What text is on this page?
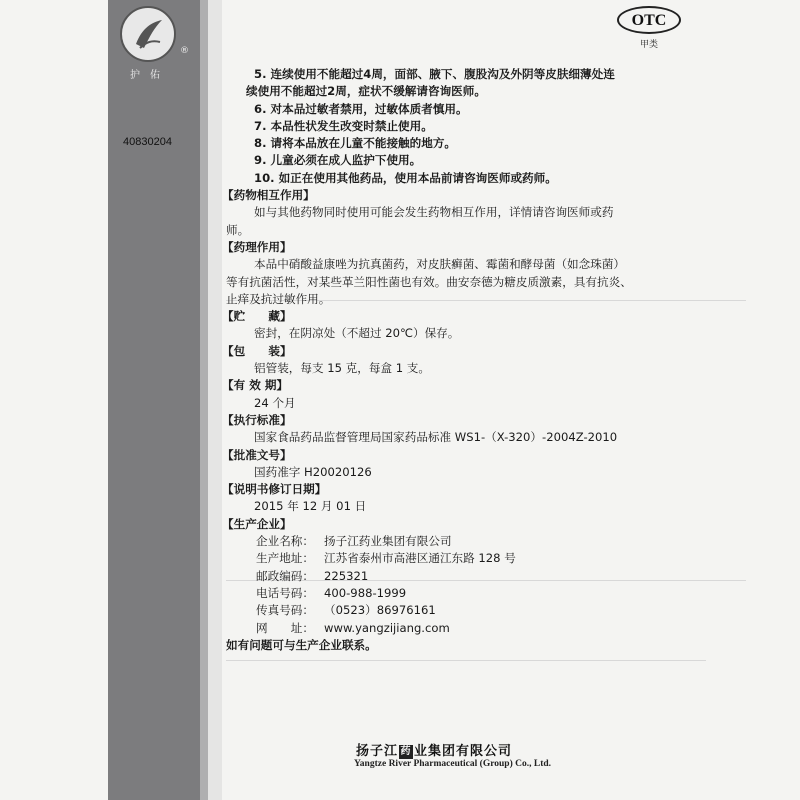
®
护佑
40830204
OTC
甲类

5. 连续使用不能超过4周，面部、腋下、腹股沟及外阴等皮肤细薄处连

续使用不能超过2周，症状不缓解请咨询医师。

6. 对本品过敏者禁用，过敏体质者慎用。

7. 本品性状发生改变时禁止使用。

8. 请将本品放在儿童不能接触的地方。

9. 儿童必须在成人监护下使用。

10. 如正在使用其他药品，使用本品前请咨询医师或药师。

【药物相互作用】

如与其他药物同时使用可能会发生药物相互作用，详情请咨询医师或药

师。

【药理作用】

本品中硝酸益康唑为抗真菌药，对皮肤癣菌、霉菌和酵母菌（如念珠菌）

等有抗菌活性，对某些革兰阳性菌也有效。曲安奈德为糖皮质激素，具有抗炎、

止痒及抗过敏作用。

【贮　　藏】

密封，在阴凉处（不超过 20℃）保存。

【包　　装】

铝管装，每支 15 克，每盒 1 支。

【有 效 期】

24 个月

【执行标准】

国家食品药品监督管理局国家药品标准 WS1-（X-320）-2004Z-2010

【批准文号】

国药准字 H20020126

【说明书修订日期】

2015 年 12 月 01 日

【生产企业】

企业名称： 扬子江药业集团有限公司
生产地址： 江苏省泰州市高港区通江东路 128 号
邮政编码： 225321
电话号码： 400-988-1999
传真号码： （0523）86976161
网　　址： www.yangzijiang.com

如有问题可与生产企业联系。

扬子江 药 业集团有限公司
Yangtze River Pharmaceutical (Group) Co., Ltd.
